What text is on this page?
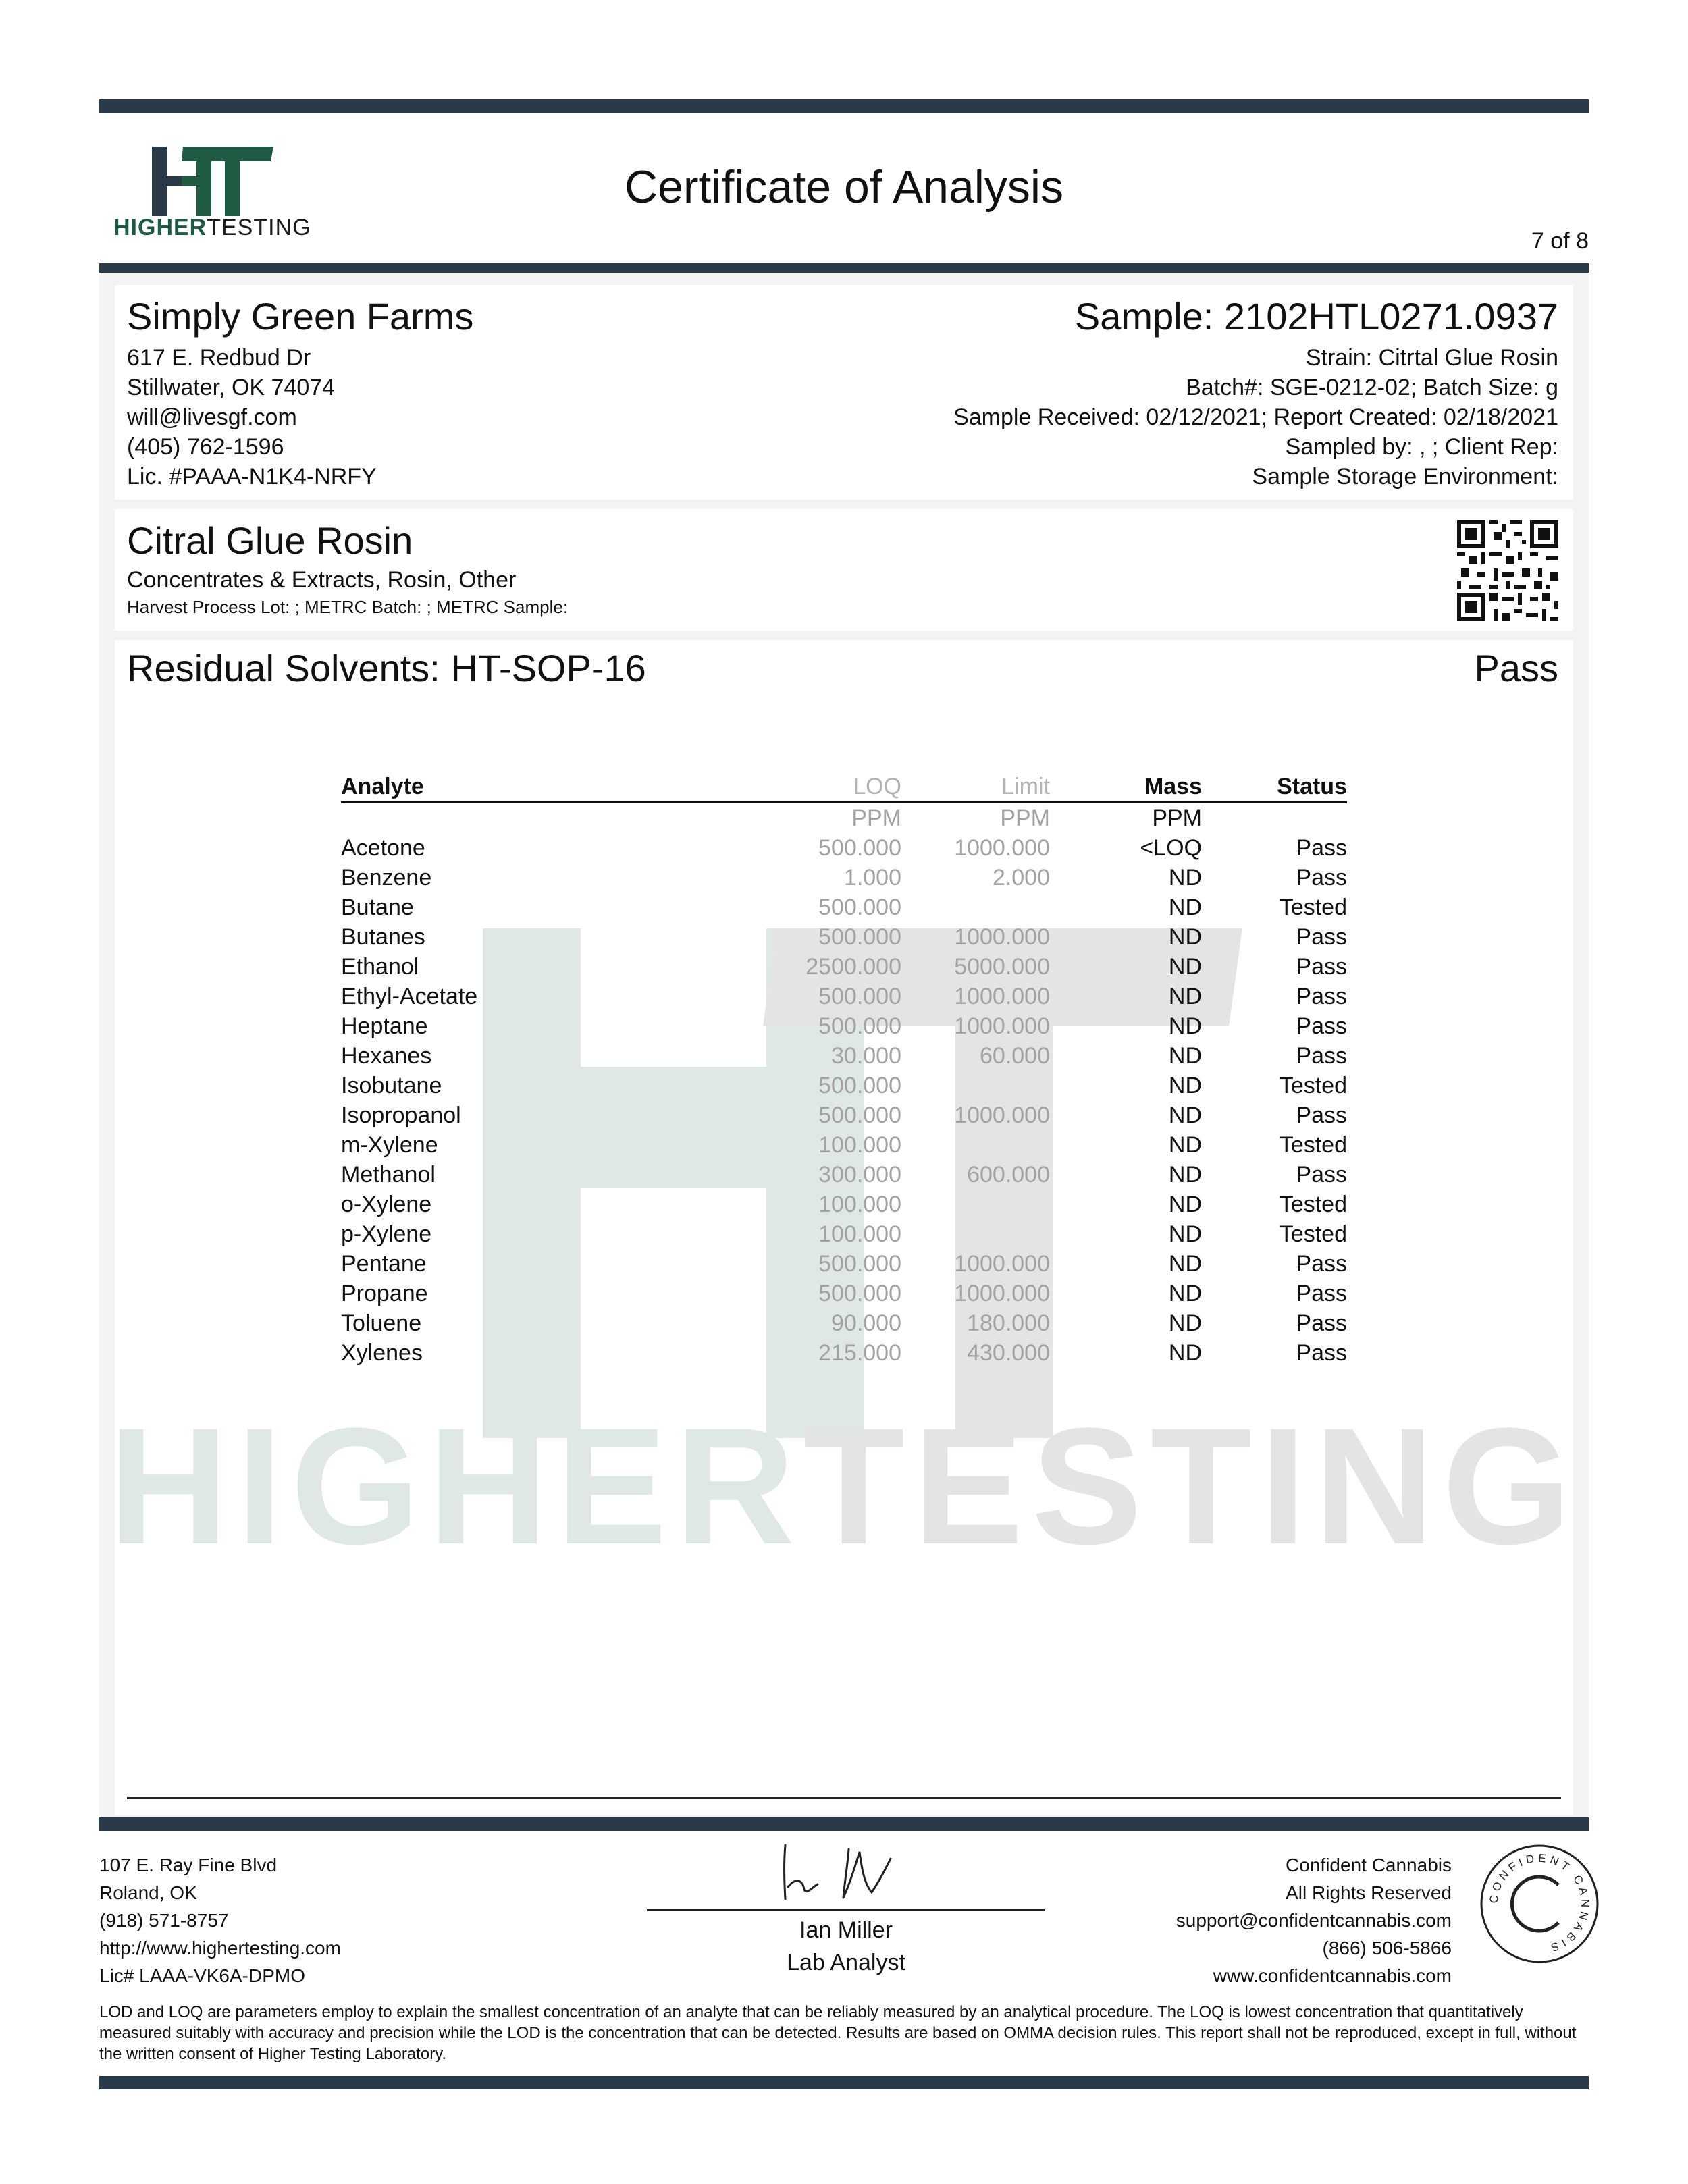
HIGHERTESTING
Certificate of Analysis
7 of 8
Simply Green Farms
617 E. Redbud Dr
Stillwater, OK 74074
will@livesgf.com
(405) 762-1596
Lic. #PAAA-N1K4-NRFY
Sample: 2102HTL0271.0937
Strain: Citrtal Glue Rosin
Batch#: SGE-0212-02; Batch Size: g
Sample Received: 02/12/2021; Report Created: 02/18/2021
Sampled by: , ; Client Rep:
Sample Storage Environment:
Citral Glue Rosin
Concentrates & Extracts, Rosin, Other
Harvest Process Lot: ; METRC Batch: ; METRC Sample:
Residual Solvents: HT-SOP-16	Pass
HIGHERTESTING
Analyte	LOQ	Limit	Mass	Status
	PPM	PPM	PPM	
Acetone	500.000	1000.000	<LOQ	Pass
Benzene	1.000	2.000	ND	Pass
Butane	500.000		ND	Tested
Butanes	500.000	1000.000	ND	Pass
Ethanol	2500.000	5000.000	ND	Pass
Ethyl-Acetate	500.000	1000.000	ND	Pass
Heptane	500.000	1000.000	ND	Pass
Hexanes	30.000	60.000	ND	Pass
Isobutane	500.000		ND	Tested
Isopropanol	500.000	1000.000	ND	Pass
m-Xylene	100.000		ND	Tested
Methanol	300.000	600.000	ND	Pass
o-Xylene	100.000		ND	Tested
p-Xylene	100.000		ND	Tested
Pentane	500.000	1000.000	ND	Pass
Propane	500.000	1000.000	ND	Pass
Toluene	90.000	180.000	ND	Pass
Xylenes	215.000	430.000	ND	Pass
107 E. Ray Fine Blvd
Roland, OK
(918) 571-8757
http://www.highertesting.com
Lic# LAAA-VK6A-DPMO
Ian Miller
Lab Analyst
Confident Cannabis
All Rights Reserved
support@confidentcannabis.com
(866) 506-5866
www.confidentcannabis.com
CONFIDENT CANNABIS
LOD and LOQ are parameters employ to explain the smallest concentration of an analyte that can be reliably measured by an analytical procedure. The LOQ is lowest concentration that quantitatively measured suitably with accuracy and precision while the LOD is the concentration that can be detected. Results are based on OMMA decision rules. This report shall not be reproduced, except in full, without the written consent of Higher Testing Laboratory.
